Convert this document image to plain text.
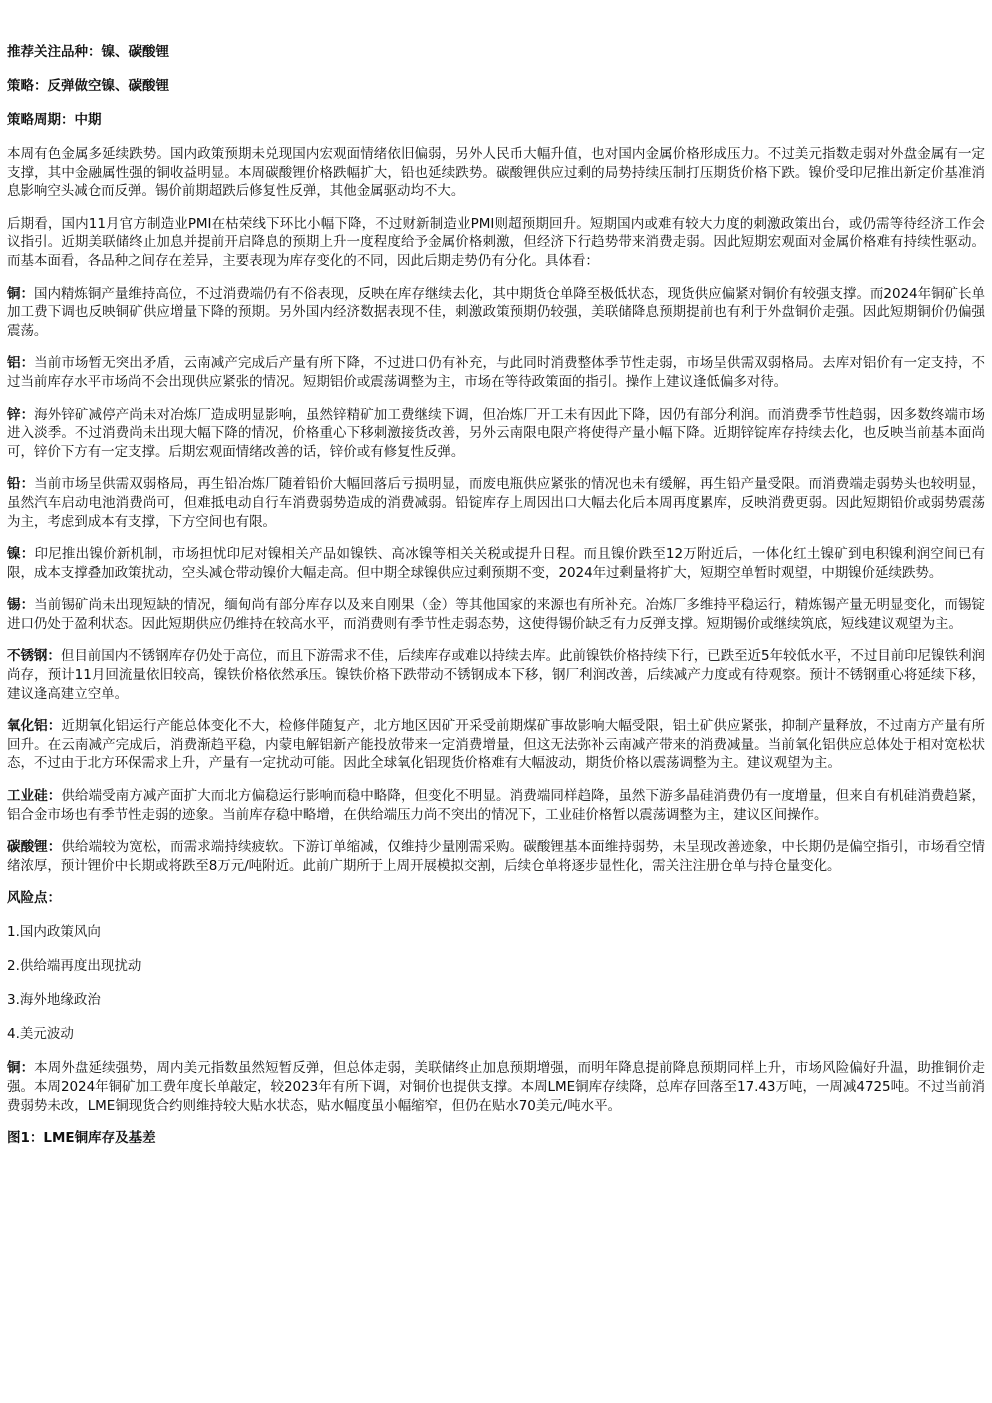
推荐关注品种：镍、碳酸锂
策略：反弹做空镍、碳酸锂
策略周期：中期

本周有色金属多延续跌势。国内政策预期未兑现国内宏观面情绪依旧偏弱，另外人民币大幅升值，也对国内金属价格形成压力。不过美元指数走弱对外盘金属有一定支撑，其中金融属性强的铜收益明显。本周碳酸锂价格跌幅扩大，铅也延续跌势。碳酸锂供应过剩的局势持续压制打压期货价格下跌。镍价受印尼推出新定价基准消息影响空头减仓而反弹。锡价前期超跌后修复性反弹，其他金属驱动均不大。

后期看，国内11月官方制造业PMI在枯荣线下环比小幅下降，不过财新制造业PMI则超预期回升。短期国内或难有较大力度的刺激政策出台，或仍需等待经济工作会议指引。近期美联储终止加息并提前开启降息的预期上升一度程度给予金属价格刺激，但经济下行趋势带来消费走弱。因此短期宏观面对金属价格难有持续性驱动。而基本面看，各品种之间存在差异，主要表现为库存变化的不同，因此后期走势仍有分化。具体看：

铜：国内精炼铜产量维持高位，不过消费端仍有不俗表现，反映在库存继续去化，其中期货仓单降至极低状态，现货供应偏紧对铜价有较强支撑。而2024年铜矿长单加工费下调也反映铜矿供应增量下降的预期。另外国内经济数据表现不佳，刺激政策预期仍较强，美联储降息预期提前也有利于外盘铜价走强。因此短期铜价仍偏强震荡。

铝：当前市场暂无突出矛盾，云南减产完成后产量有所下降，不过进口仍有补充，与此同时消费整体季节性走弱，市场呈供需双弱格局。去库对铝价有一定支持，不过当前库存水平市场尚不会出现供应紧张的情况。短期铝价或震荡调整为主，市场在等待政策面的指引。操作上建议逢低偏多对待。

锌：海外锌矿减停产尚未对冶炼厂造成明显影响，虽然锌精矿加工费继续下调，但冶炼厂开工未有因此下降，因仍有部分利润。而消费季节性趋弱，因多数终端市场进入淡季。不过消费尚未出现大幅下降的情况，价格重心下移刺激接货改善，另外云南限电限产将使得产量小幅下降。近期锌锭库存持续去化，也反映当前基本面尚可，锌价下方有一定支撑。后期宏观面情绪改善的话，锌价或有修复性反弹。

铅：当前市场呈供需双弱格局，再生铅冶炼厂随着铅价大幅回落后亏损明显，而废电瓶供应紧张的情况也未有缓解，再生铅产量受限。而消费端走弱势头也较明显，虽然汽车启动电池消费尚可，但难抵电动自行车消费弱势造成的消费减弱。铅锭库存上周因出口大幅去化后本周再度累库，反映消费更弱。因此短期铅价或弱势震荡为主，考虑到成本有支撑，下方空间也有限。

镍：印尼推出镍价新机制，市场担忧印尼对镍相关产品如镍铁、高冰镍等相关关税或提升日程。而且镍价跌至12万附近后，一体化红土镍矿到电积镍利润空间已有限，成本支撑叠加政策扰动，空头减仓带动镍价大幅走高。但中期全球镍供应过剩预期不变，2024年过剩量将扩大，短期空单暂时观望，中期镍价延续跌势。

锡：当前锡矿尚未出现短缺的情况，缅甸尚有部分库存以及来自刚果（金）等其他国家的来源也有所补充。冶炼厂多维持平稳运行，精炼锡产量无明显变化，而锡锭进口仍处于盈利状态。因此短期供应仍维持在较高水平，而消费则有季节性走弱态势，这使得锡价缺乏有力反弹支撑。短期锡价或继续筑底，短线建议观望为主。

不锈钢：但目前国内不锈钢库存仍处于高位，而且下游需求不佳，后续库存或难以持续去库。此前镍铁价格持续下行，已跌至近5年较低水平，不过目前印尼镍铁利润尚存，预计11月回流量依旧较高，镍铁价格依然承压。镍铁价格下跌带动不锈钢成本下移，钢厂利润改善，后续减产力度或有待观察。预计不锈钢重心将延续下移，建议逢高建立空单。

氧化铝：近期氧化铝运行产能总体变化不大，检修伴随复产，北方地区因矿开采受前期煤矿事故影响大幅受限，铝土矿供应紧张，抑制产量释放，不过南方产量有所回升。在云南减产完成后，消费渐趋平稳，内蒙电解铝新产能投放带来一定消费增量，但这无法弥补云南减产带来的消费减量。当前氧化铝供应总体处于相对宽松状态，不过由于北方环保需求上升，产量有一定扰动可能。因此全球氧化铝现货价格难有大幅波动，期货价格以震荡调整为主。建议观望为主。

工业硅：供给端受南方减产面扩大而北方偏稳运行影响而稳中略降，但变化不明显。消费端同样趋降，虽然下游多晶硅消费仍有一度增量，但来自有机硅消费趋紧，铝合金市场也有季节性走弱的迹象。当前库存稳中略增，在供给端压力尚不突出的情况下，工业硅价格暂以震荡调整为主，建议区间操作。

碳酸锂：供给端较为宽松，而需求端持续疲软。下游订单缩减，仅维持少量刚需采购。碳酸锂基本面维持弱势，未呈现改善迹象，中长期仍是偏空指引，市场看空情绪浓厚，预计锂价中长期或将跌至8万元/吨附近。此前广期所于上周开展模拟交割，后续仓单将逐步显性化，需关注注册仓单与持仓量变化。

风险点：
1.国内政策风向
2.供给端再度出现扰动
3.海外地缘政治
4.美元波动

铜：本周外盘延续强势，周内美元指数虽然短暂反弹，但总体走弱，美联储终止加息预期增强，而明年降息提前降息预期同样上升，市场风险偏好升温，助推铜价走强。本周2024年铜矿加工费年度长单敲定，较2023年有所下调，对铜价也提供支撑。本周LME铜库存续降，总库存回落至17.43万吨，一周减4725吨。不过当前消费弱势未改，LME铜现货合约则维持较大贴水状态，贴水幅度虽小幅缩窄，但仍在贴水70美元/吨水平。

图1：LME铜库存及基差
